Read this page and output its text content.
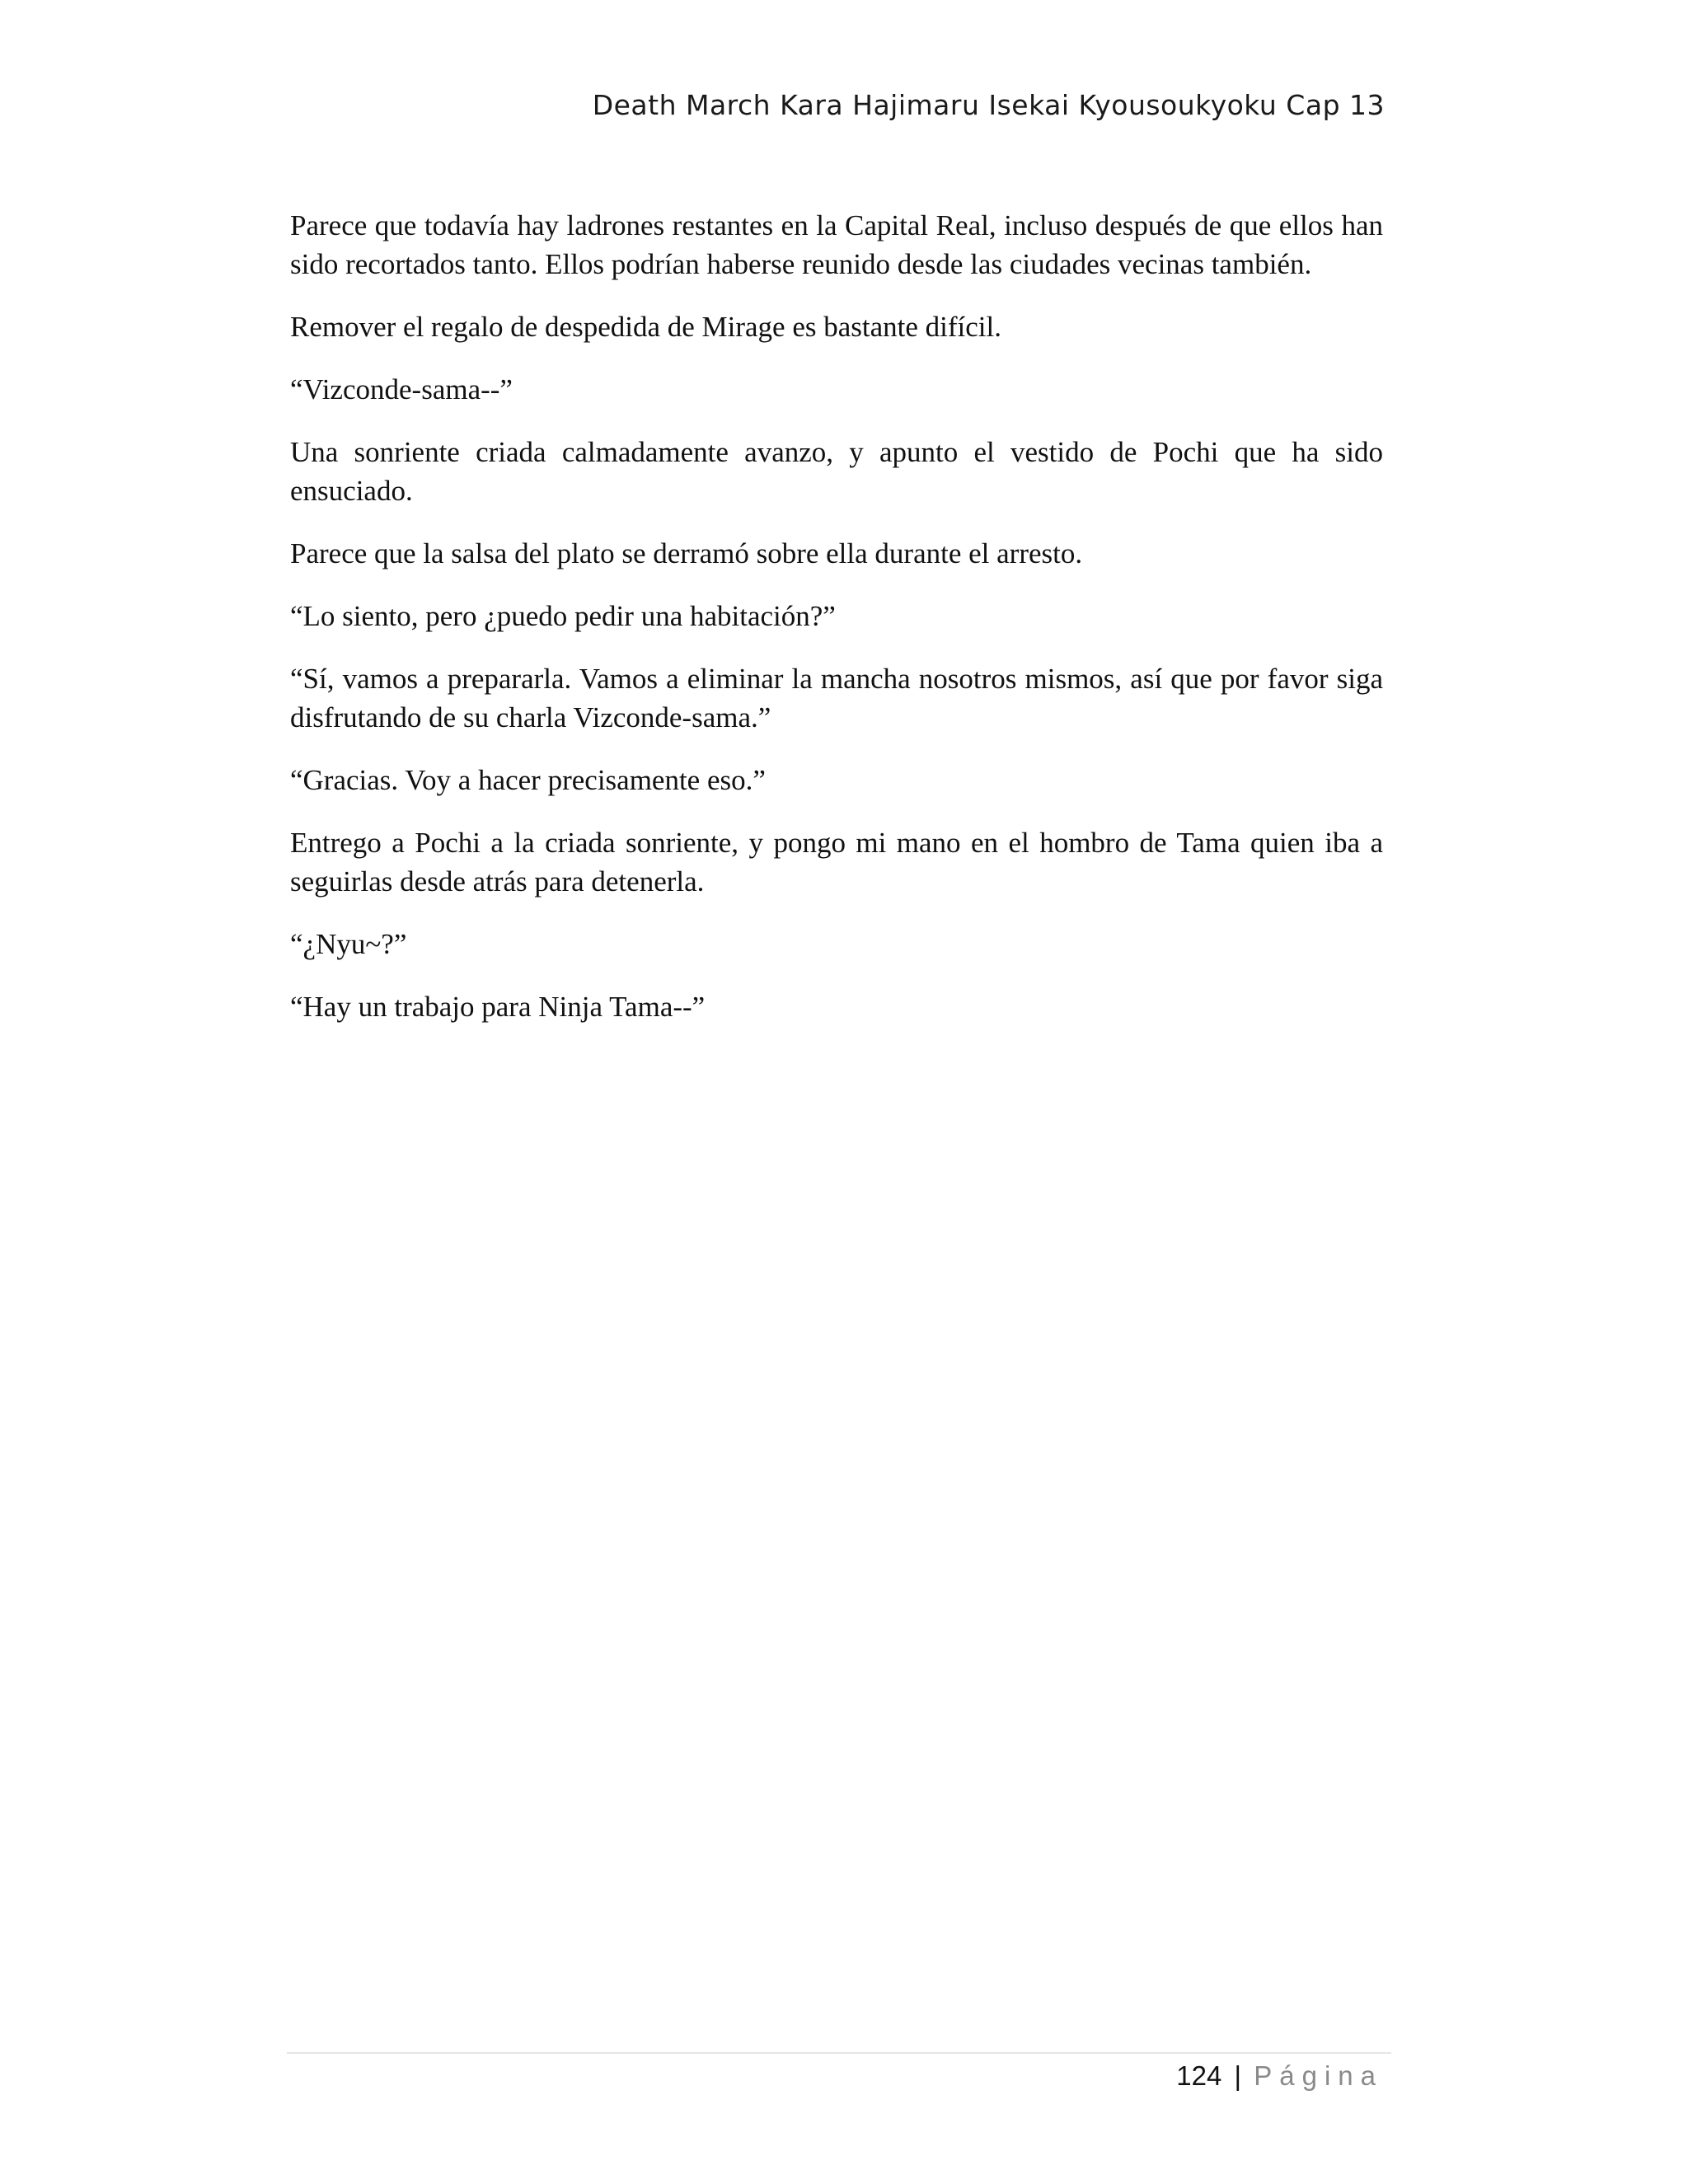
Death March Kara Hajimaru Isekai Kyousoukyoku Cap 13

Parece que todavía hay ladrones restantes en la Capital Real, incluso después de que ellos han sido recortados tanto. Ellos podrían haberse reunido desde las ciudades vecinas también.

Remover el regalo de despedida de Mirage es bastante difícil.

“Vizconde-sama--”

Una sonriente criada calmadamente avanzo, y apunto el vestido de Pochi que ha sido ensuciado.

Parece que la salsa del plato se derramó sobre ella durante el arresto.

“Lo siento, pero ¿puedo pedir una habitación?”

“Sí, vamos a prepararla. Vamos a eliminar la mancha nosotros mismos, así que por favor siga disfrutando de su charla Vizconde-sama.”

“Gracias. Voy a hacer precisamente eso.”

Entrego a Pochi a la criada sonriente, y pongo mi mano en el hombro de Tama quien iba a seguirlas desde atrás para detenerla.

“¿Nyu~?”

“Hay un trabajo para Ninja Tama--”

124 | Página
